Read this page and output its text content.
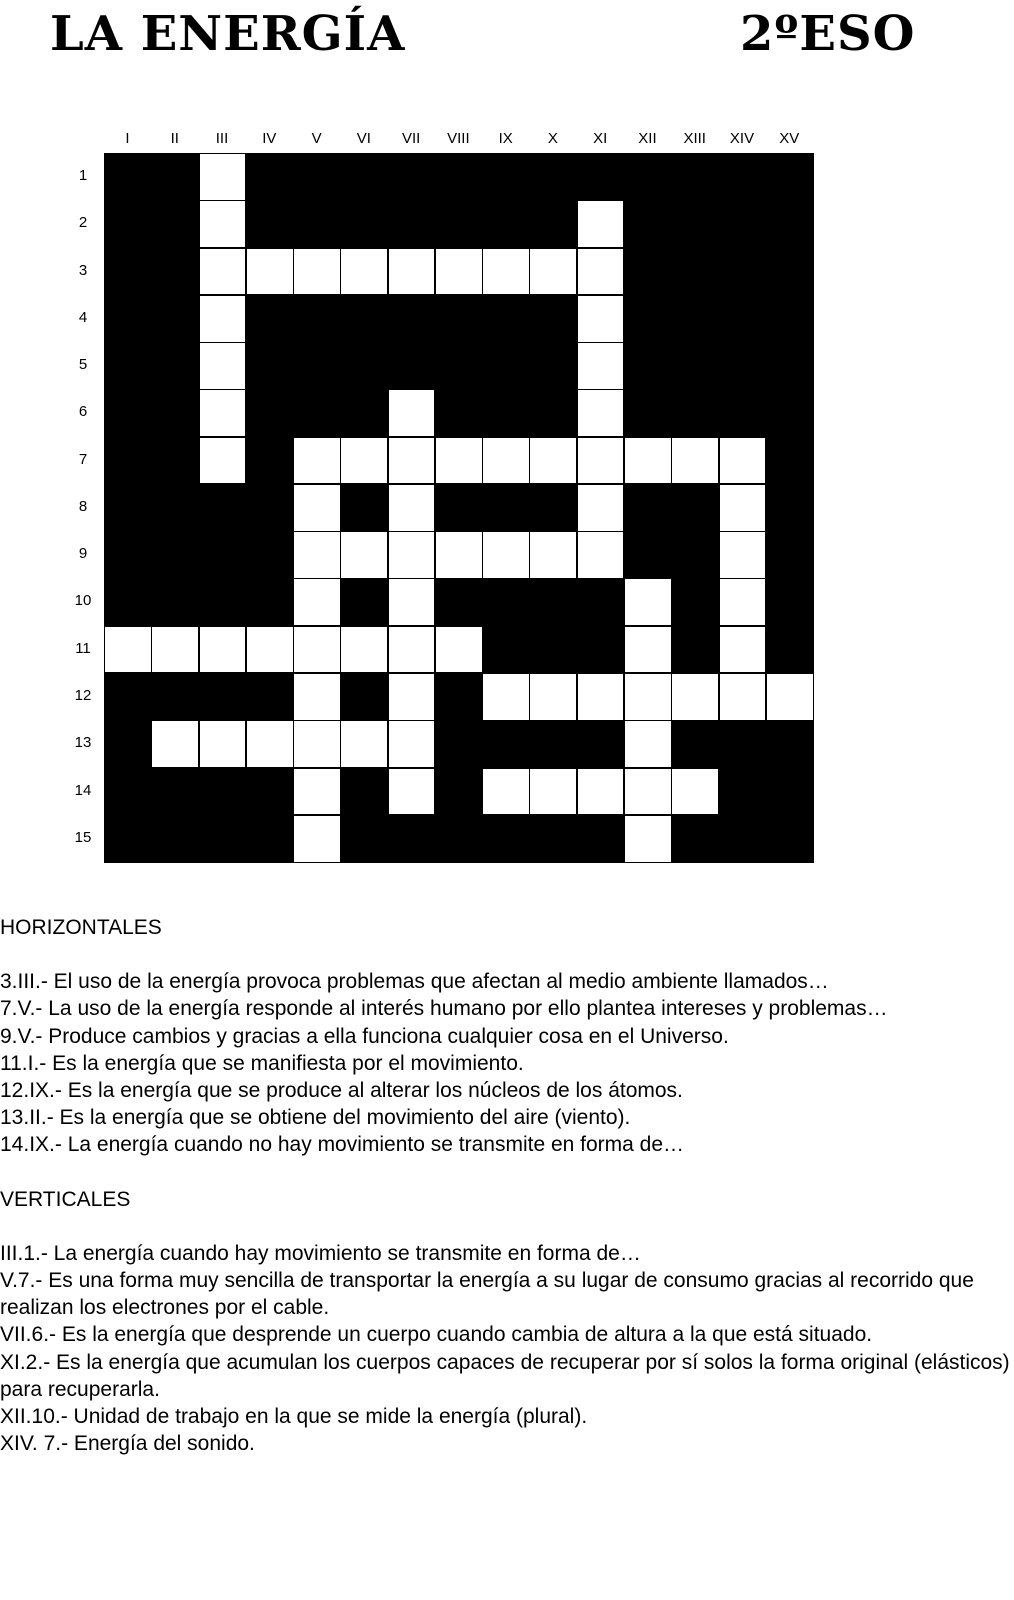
LA ENERGÍA	2ºESO
I	II	III	IV	V	VI	VII	VIII	IX	X	XI	XII	XIII	XIV	XV
1
2
3
4
5
6
7
8
9
10
11
12
13
14
15
HORIZONTALES
3.III.- El uso de la energía provoca problemas que afectan al medio ambiente llamados…
7.V.- La uso de la energía responde al interés humano por ello plantea intereses y problemas…
9.V.- Produce cambios y gracias a ella funciona cualquier cosa en el Universo.
11.I.- Es la energía que se manifiesta por el movimiento.
12.IX.- Es la energía que se produce al alterar los núcleos de los átomos.
13.II.- Es la energía que se obtiene del movimiento del aire (viento).
14.IX.- La energía cuando no hay movimiento se transmite en forma de…
VERTICALES
III.1.- La energía cuando hay movimiento se transmite en forma de…
V.7.- Es una forma muy sencilla de transportar la energía a su lugar de consumo gracias al recorrido que realizan los electrones por el cable.
VII.6.- Es la energía que desprende un cuerpo cuando cambia de altura a la que está situado.
XI.2.- Es la energía que acumulan los cuerpos capaces de recuperar por sí solos la forma original (elásticos) para recuperarla.
XII.10.- Unidad de trabajo en la que se mide la energía (plural).
XIV. 7.- Energía del sonido.
